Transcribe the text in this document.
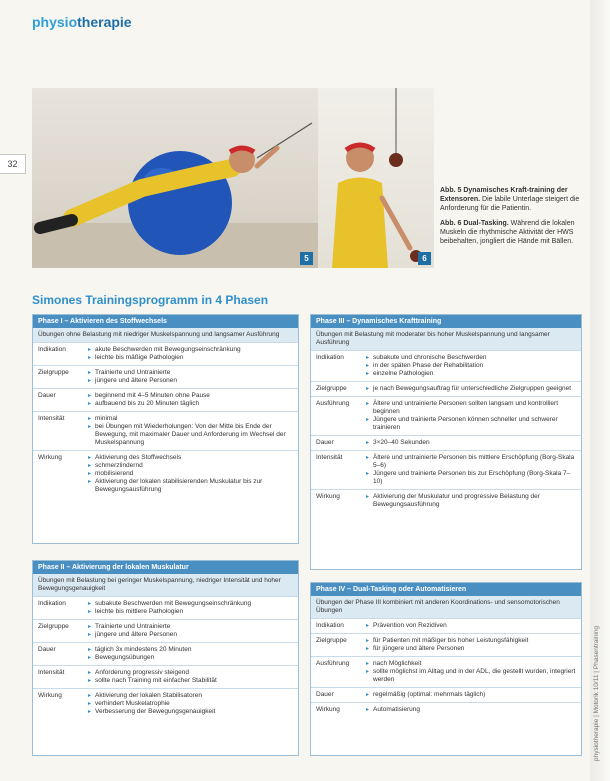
physiotherapie
32
5	6

Abb. 5 Dynamisches Kraft-training der Extensoren. Die labile Unterlage steigert die Anforderung für die Patientin.

Abb. 6 Dual-Tasking. Während die lokalen Muskeln die rhythmische Aktivität der HWS beibehalten, jongliert die Hände mit Bällen.

Simones Trainingsprogramm in 4 Phasen
Phase I – Aktivieren des Stoffwechsels
Übungen ohne Belastung mit niedriger Muskelspannung und langsamer Ausführung
Indikation	▸ akute Beschwerden mit Bewegungseinschränkung
▸ leichte bis mäßige Pathologien
Zielgruppe	▸ Trainierte und Untrainierte
▸ jüngere und ältere Personen
Dauer	▸ beginnend mit 4–5 Minuten ohne Pause
▸ aufbauend bis zu 20 Minuten täglich
Intensität	▸ minimal
▸ bei Übungen mit Wiederholungen: Von der Mitte bis Ende der Bewegung, mit maximaler Dauer und Anforderung im Wechsel der Muskelspannung
Wirkung	▸ Aktivierung des Stoffwechsels
▸ schmerzlindernd
▸ mobilisierend
▸ Aktivierung der lokalen stabilisierenden Muskulatur bis zur Bewegungsausführung
Phase II – Aktivierung der lokalen Muskulatur
Übungen mit Belastung bei geringer Muskelspannung, niedriger Intensität und hoher Bewegungsgenauigkeit
Indikation	▸ subakute Beschwerden mit Bewegungseinschränkung
▸ leichte bis mittlere Pathologien
Zielgruppe	▸ Trainierte und Untrainierte
▸ jüngere und ältere Personen
Dauer	▸ täglich 3x mindestens 20 Minuten
▸ Bewegungsübungen
Intensität	▸ Anforderung progressiv steigend
▸ sollte nach Training mit einfacher Stabilität
Wirkung	▸ Aktivierung der lokalen Stabilisatoren
▸ verhindert Muskelatrophie
▸ Verbesserung der Bewegungsgenauigkeit
Phase III – Dynamisches Krafttraining
Übungen mit Belastung mit moderater bis hoher Muskelspannung und langsamer Ausführung
Indikation	▸ subakute und chronische Beschwerden
▸ in der späten Phase der Rehabilitation
▸ einzelne Pathologien
Zielgruppe	▸ je nach Bewegungsauftrag für unterschiedliche Zielgruppen geeignet
Ausführung	▸ Ältere und untrainierte Personen sollten langsam und kontrolliert beginnen
▸ Jüngere und trainierte Personen können schneller und schwerer trainieren
Dauer	▸ 3×20–40 Sekunden
Intensität	▸ Ältere und untrainierte Personen bis mittlere Erschöpfung (Borg-Skala 5–6)
▸ Jüngere und trainierte Personen bis zur Erschöpfung (Borg-Skala 7–10)
Wirkung	▸ Aktivierung der Muskulatur und progressive Belastung der Bewegungsausführung
Phase IV – Dual-Tasking oder Automatisieren
Übungen der Phase III kombiniert mit anderen Koordinations- und sensomotorischen Übungen
Indikation	▸ Prävention von Rezidiven
Zielgruppe	▸ für Patienten mit mäßiger bis hoher Leistungsfähigkeit
▸ für jüngere und ältere Personen
Ausführung	▸ nach Möglichkeit
▸ sollte möglichst im Alltag und in der ADL, die gestellt wurden, integriert werden
Dauer	▸ regelmäßig (optimal: mehrmals täglich)
Wirkung	▸ Automatisierung	physiotherapie | Motorik 10/11 | Phasentraining
